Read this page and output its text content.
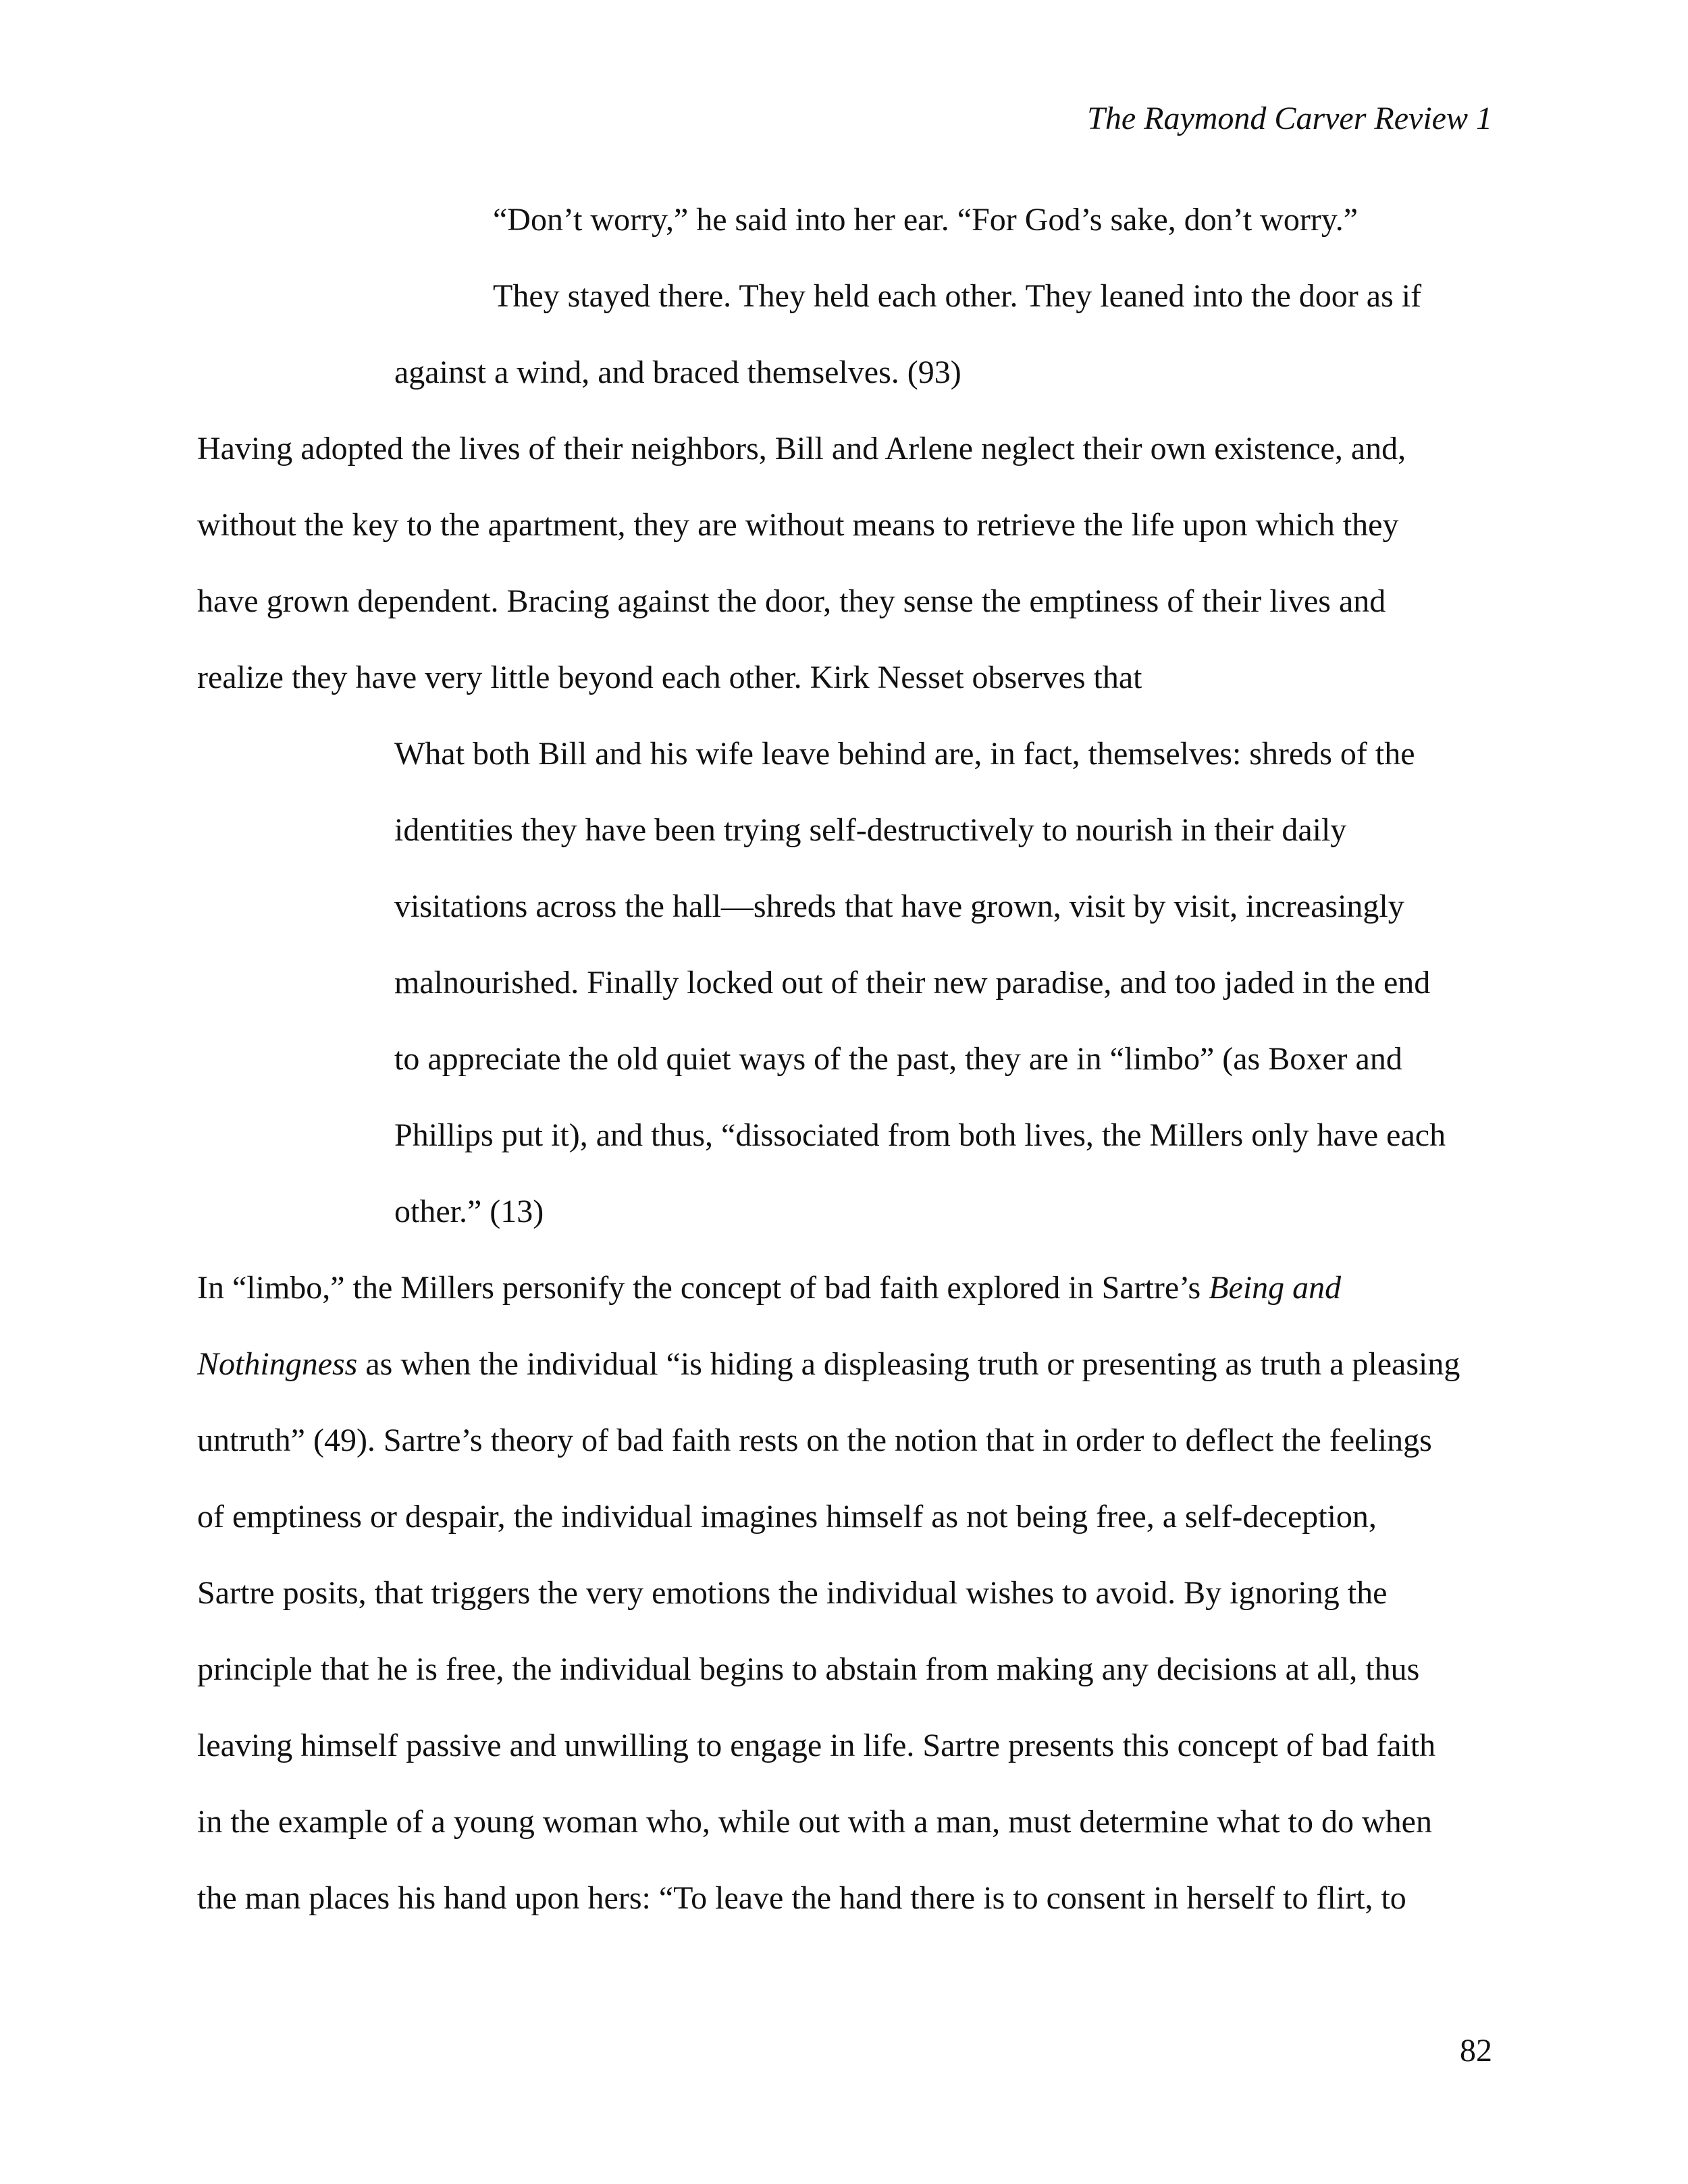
The Raymond Carver Review 1
“Don’t worry,” he said into her ear. “For God’s sake, don’t worry.”
They stayed there. They held each other. They leaned into the door as if
against a wind, and braced themselves. (93)
Having adopted the lives of their neighbors, Bill and Arlene neglect their own existence, and,
without the key to the apartment, they are without means to retrieve the life upon which they
have grown dependent. Bracing against the door, they sense the emptiness of their lives and
realize they have very little beyond each other. Kirk Nesset observes that
What both Bill and his wife leave behind are, in fact, themselves: shreds of the
identities they have been trying self-destructively to nourish in their daily
visitations across the hall—shreds that have grown, visit by visit, increasingly
malnourished. Finally locked out of their new paradise, and too jaded in the end
to appreciate the old quiet ways of the past, they are in “limbo” (as Boxer and
Phillips put it), and thus, “dissociated from both lives, the Millers only have each
other.” (13)
In “limbo,” the Millers personify the concept of bad faith explored in Sartre’s Being and
Nothingness as when the individual “is hiding a displeasing truth or presenting as truth a pleasing
untruth” (49). Sartre’s theory of bad faith rests on the notion that in order to deflect the feelings
of emptiness or despair, the individual imagines himself as not being free, a self-deception,
Sartre posits, that triggers the very emotions the individual wishes to avoid. By ignoring the
principle that he is free, the individual begins to abstain from making any decisions at all, thus
leaving himself passive and unwilling to engage in life. Sartre presents this concept of bad faith
in the example of a young woman who, while out with a man, must determine what to do when
the man places his hand upon hers: “To leave the hand there is to consent in herself to flirt, to
82
